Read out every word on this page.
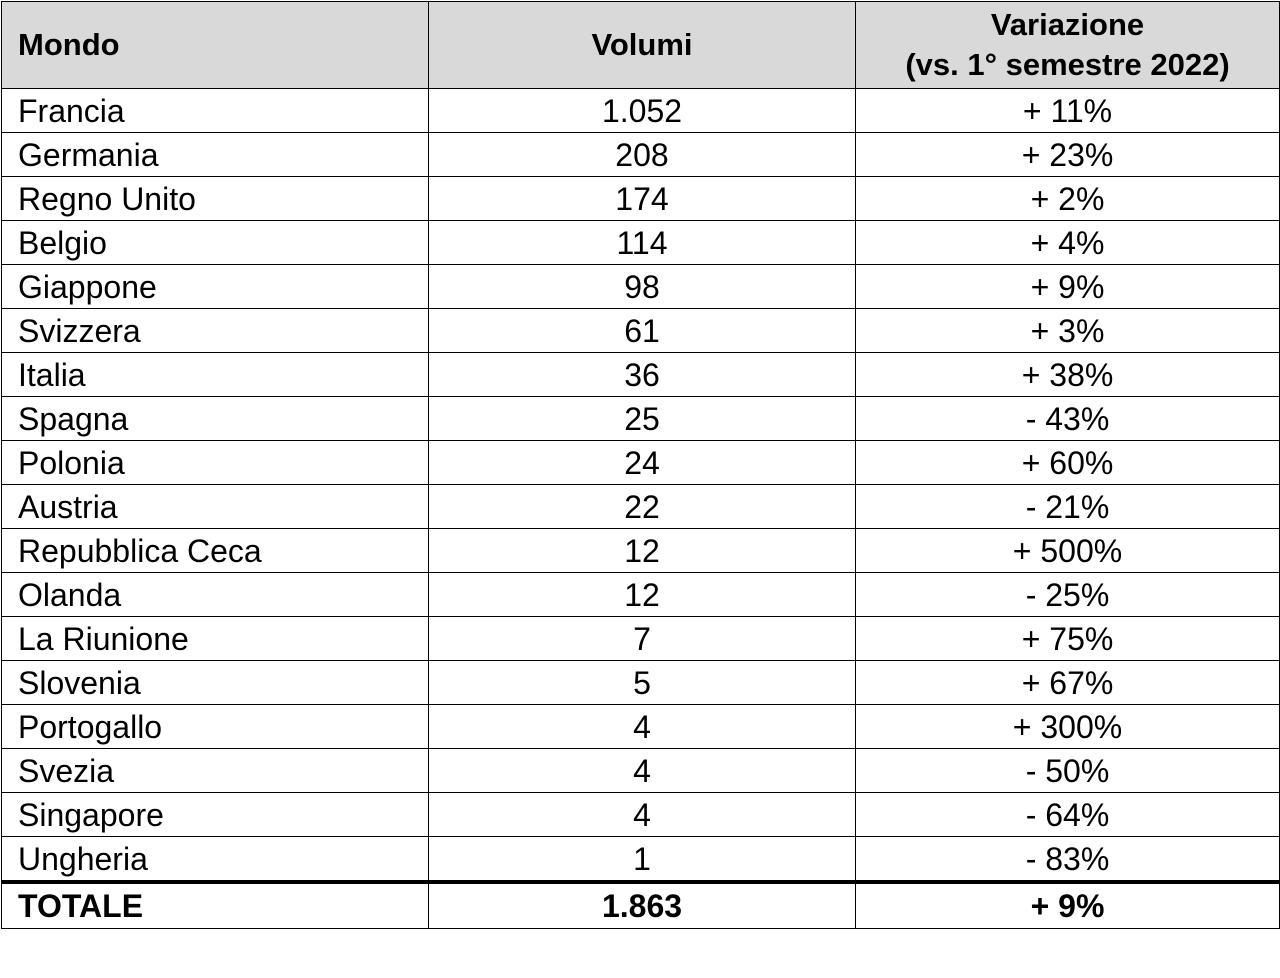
Mondo	Volumi	Variazione
(vs. 1° semestre 2022)

Francia	1.052	+ 11%
Germania	208	+ 23%
Regno Unito	174	+ 2%
Belgio	114	+ 4%
Giappone	98	+ 9%
Svizzera	61	+ 3%
Italia	36	+ 38%
Spagna	25	- 43%
Polonia	24	+ 60%
Austria	22	- 21%
Repubblica Ceca	12	+ 500%
Olanda	12	- 25%
La Riunione	7	+ 75%
Slovenia	5	+ 67%
Portogallo	4	+ 300%
Svezia	4	- 50%
Singapore	4	- 64%
Ungheria	1	- 83%
TOTALE	1.863	+ 9%
